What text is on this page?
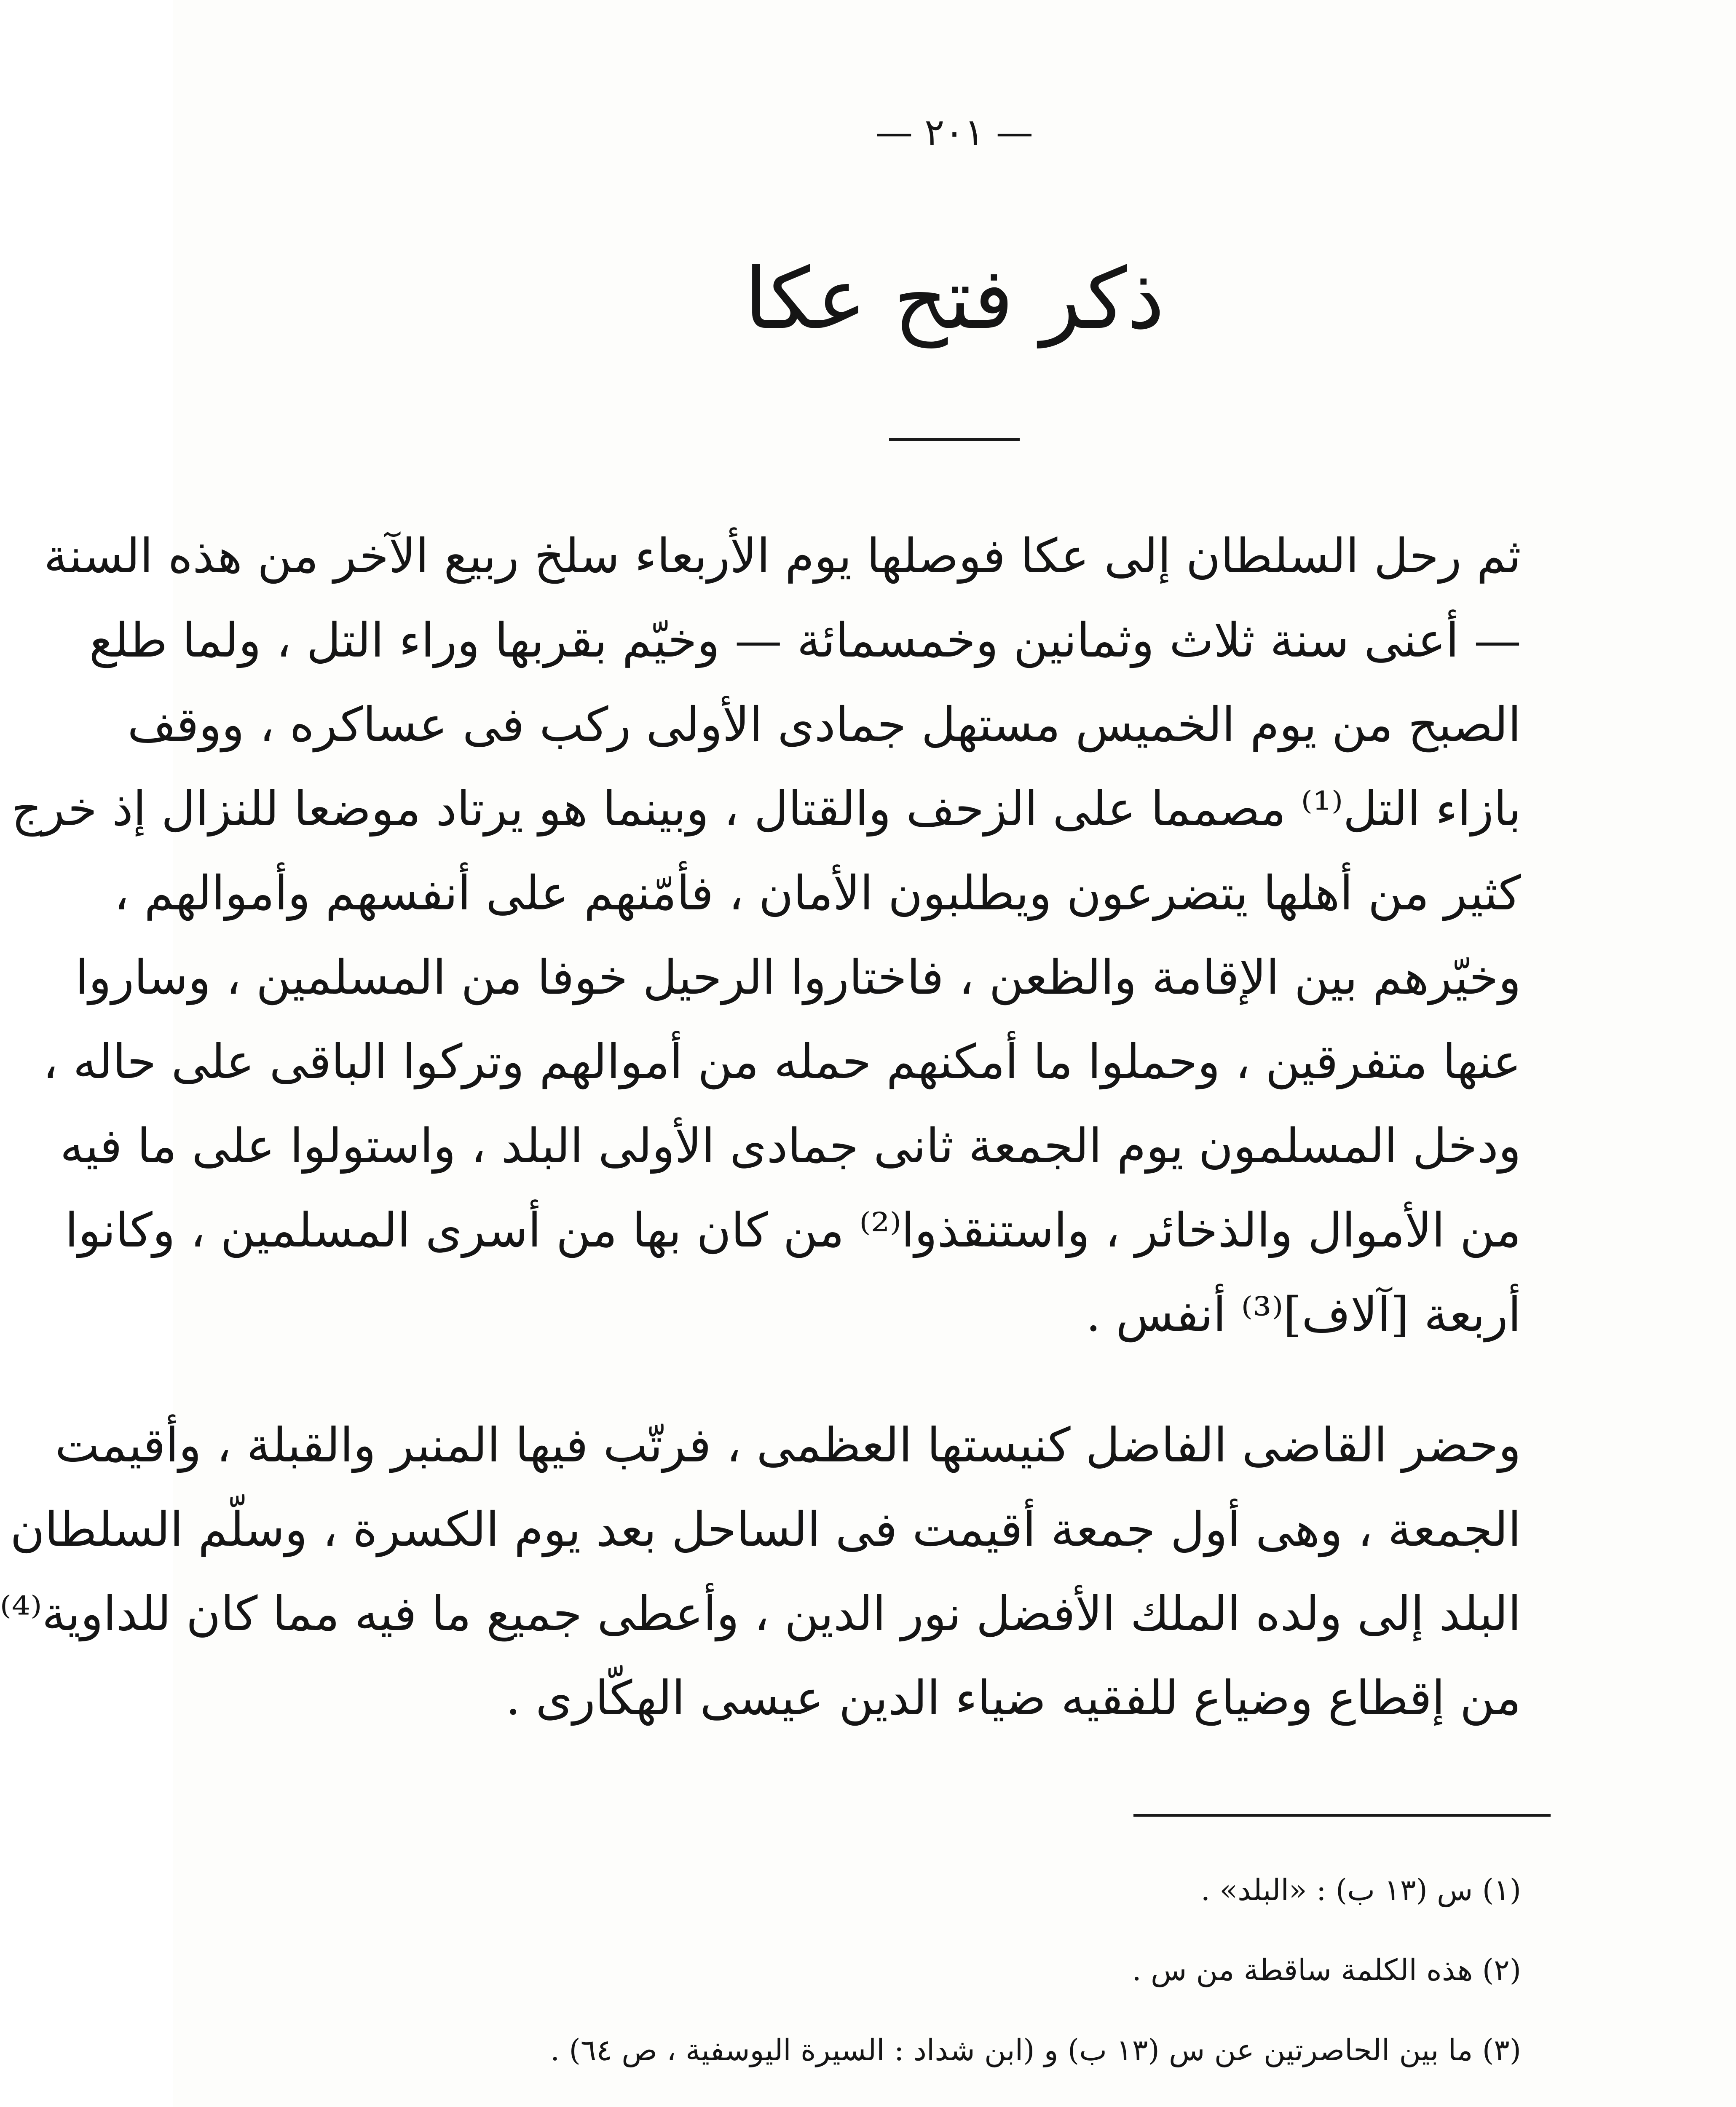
— ٢٠١ —
ذكر فتح عكا
ثم رحل السلطان إلى عكا فوصلها يوم الأربعاء سلخ ربيع الآخر من هذه السنة
— أعنى سنة ثلاث وثمانين وخمسمائة — وخيّم بقربها وراء التل ، ولما طلع
الصبح من يوم الخميس مستهل جمادى الأولى ركب فى عساكره ، ووقف
بازاء التل⁽¹⁾ مصمما على الزحف والقتال ، وبينما هو يرتاد موضعا للنزال إذ خرج
كثير من أهلها يتضرعون ويطلبون الأمان ، فأمّنهم على أنفسهم وأموالهم ،
وخيّرهم بين الإقامة والظعن ، فاختاروا الرحيل خوفا من المسلمين ، وساروا
عنها متفرقين ، وحملوا ما أمكنهم حمله من أموالهم وتركوا الباقى على حاله ،
ودخل المسلمون يوم الجمعة ثانى جمادى الأولى البلد ، واستولوا على ما فيه
من الأموال والذخائر ، واستنقذوا⁽²⁾ من كان بها من أسرى المسلمين ، وكانوا
أربعة [آلاف]⁽³⁾ أنفس .
وحضر القاضى الفاضل كنيستها العظمى ، فرتّب فيها المنبر والقبلة ، وأقيمت
الجمعة ، وهى أول جمعة أقيمت فى الساحل بعد يوم الكسرة ، وسلّم السلطان
البلد إلى ولده الملك الأفضل نور الدين ، وأعطى جميع ما فيه مما كان للداوية⁽⁴⁾
من إقطاع وضياع للفقيه ضياء الدين عيسى الهكّارى .
(١) س (١٣ ب) : «البلد» .
(٢) هذه الكلمة ساقطة من س .
(٣) ما بين الحاصرتين عن س (١٣ ب) و (ابن شداد : السيرة اليوسفية ، ص ٦٤) .
